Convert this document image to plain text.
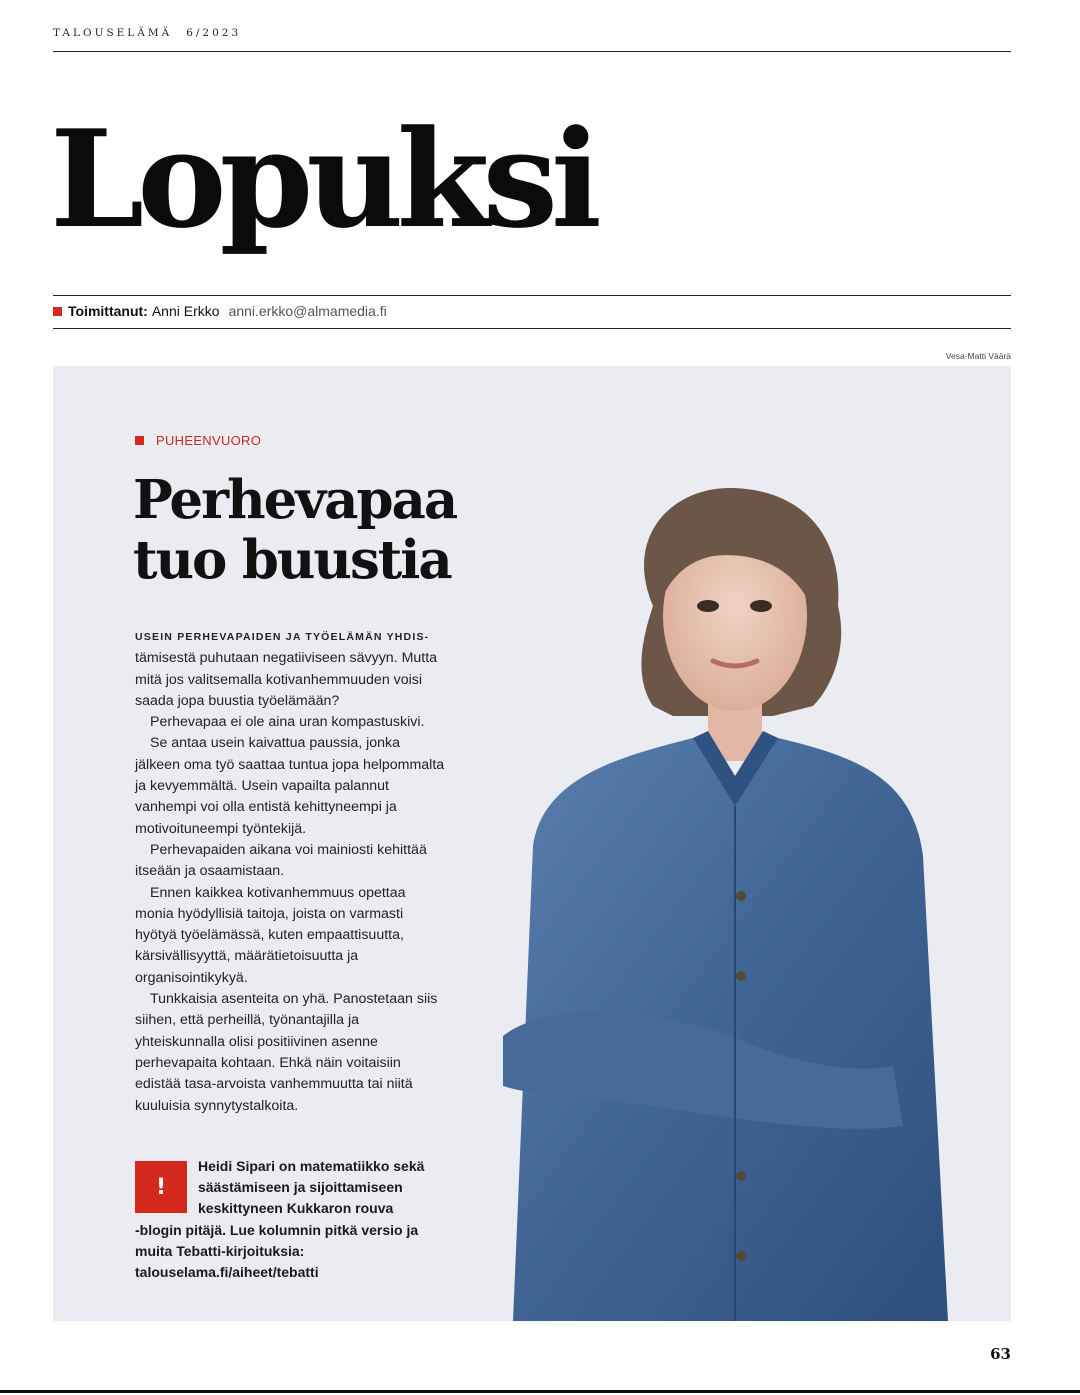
TALOUSELÄMÄ 6/2023
Lopuksi
Toimittanut: Anni Erkko anni.erkko@almamedia.fi
Vesa-Matti Väärä
PUHEENVUORO
Perhevapaa
tuo buustia

USEIN PERHEVAPAIDEN JA TYÖELÄMÄN YHDIS-
tämisestä puhutaan negatiiviseen sävyyn. Mutta mitä jos valitsemalla kotivanhemmuuden voisi saada jopa buustia työelämään?

Perhevapaa ei ole aina uran kompastuskivi.

Se antaa usein kaivattua paussia, jonka jälkeen oma työ saattaa tuntua jopa helpommalta ja kevyemmältä. Usein vapailta palannut vanhempi voi olla entistä kehittyneempi ja motivoituneempi työntekijä.

Perhevapaiden aikana voi mainiosti kehittää itseään ja osaamistaan.

Ennen kaikkea kotivanhemmuus opettaa monia hyödyllisiä taitoja, joista on varmasti hyötyä työelämässä, kuten empaattisuutta, kärsivällisyyttä, määrätietoisuutta ja organisointikykyä.

Tunkkaisia asenteita on yhä. Panostetaan siis siihen, että perheillä, työnantajilla ja yhteiskunnalla olisi positiivinen asenne perhevapaita kohtaan. Ehkä näin voitaisiin edistää tasa-arvoista vanhemmuutta tai niitä kuuluisia synnytystalkoita.

!
Heidi Sipari on matematiikko sekä
säästämiseen ja sijoittamiseen
keskittyneen Kukkaron rouva
-blogin pitäjä. Lue kolumnin pitkä versio ja muita Tebatti-kirjoituksia: talouselama.fi/aiheet/tebatti
63
